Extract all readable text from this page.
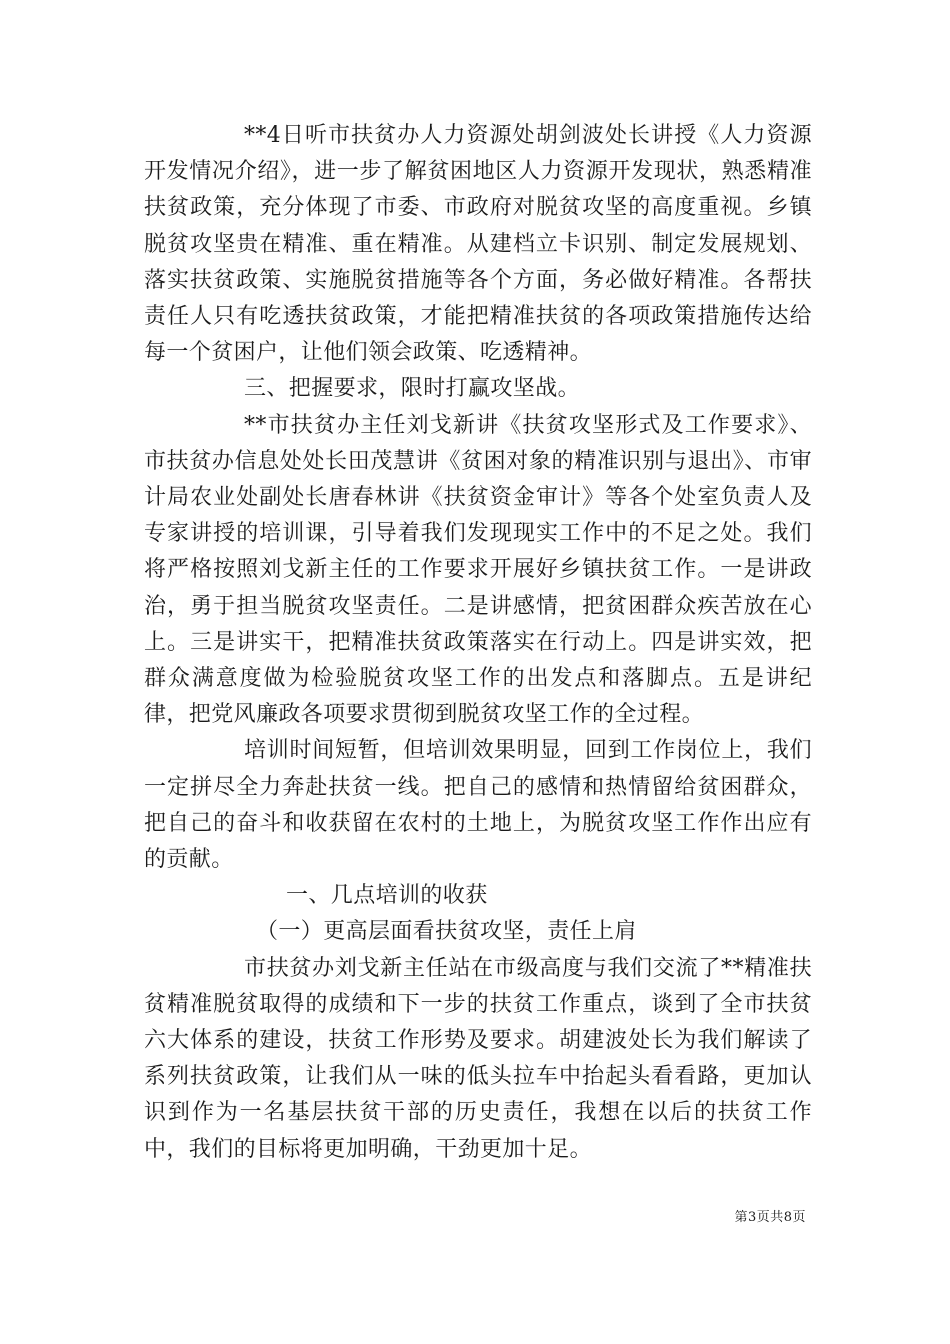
**4日听市扶贫办人力资源处胡剑波处长讲授《人力资源开发情况介绍》，进一步了解贫困地区人力资源开发现状，熟悉精准扶贫政策，充分体现了市委、市政府对脱贫攻坚的高度重视。乡镇脱贫攻坚贵在精准、重在精准。从建档立卡识别、制定发展规划、落实扶贫政策、实施脱贫措施等各个方面，务必做好精准。各帮扶责任人只有吃透扶贫政策，才能把精准扶贫的各项政策措施传达给每一个贫困户，让他们领会政策、吃透精神。

三、把握要求，限时打赢攻坚战。

**市扶贫办主任刘戈新讲《扶贫攻坚形式及工作要求》、市扶贫办信息处处长田茂慧讲《贫困对象的精准识别与退出》、市审计局农业处副处长唐春林讲《扶贫资金审计》等各个处室负责人及专家讲授的培训课，引导着我们发现现实工作中的不足之处。我们将严格按照刘戈新主任的工作要求开展好乡镇扶贫工作。一是讲政治，勇于担当脱贫攻坚责任。二是讲感情，把贫困群众疾苦放在心上。三是讲实干，把精准扶贫政策落实在行动上。四是讲实效，把群众满意度做为检验脱贫攻坚工作的出发点和落脚点。五是讲纪律，把党风廉政各项要求贯彻到脱贫攻坚工作的全过程。

培训时间短暂，但培训效果明显，回到工作岗位上，我们一定拼尽全力奔赴扶贫一线。把自己的感情和热情留给贫困群众，把自己的奋斗和收获留在农村的土地上，为脱贫攻坚工作作出应有的贡献。

一、几点培训的收获

（一）更高层面看扶贫攻坚，责任上肩

市扶贫办刘戈新主任站在市级高度与我们交流了**精准扶贫精准脱贫取得的成绩和下一步的扶贫工作重点，谈到了全市扶贫六大体系的建设，扶贫工作形势及要求。胡建波处长为我们解读了系列扶贫政策，让我们从一味的低头拉车中抬起头看看路，更加认识到作为一名基层扶贫干部的历史责任，我想在以后的扶贫工作中，我们的目标将更加明确，干劲更加十足。

第3页共8页
